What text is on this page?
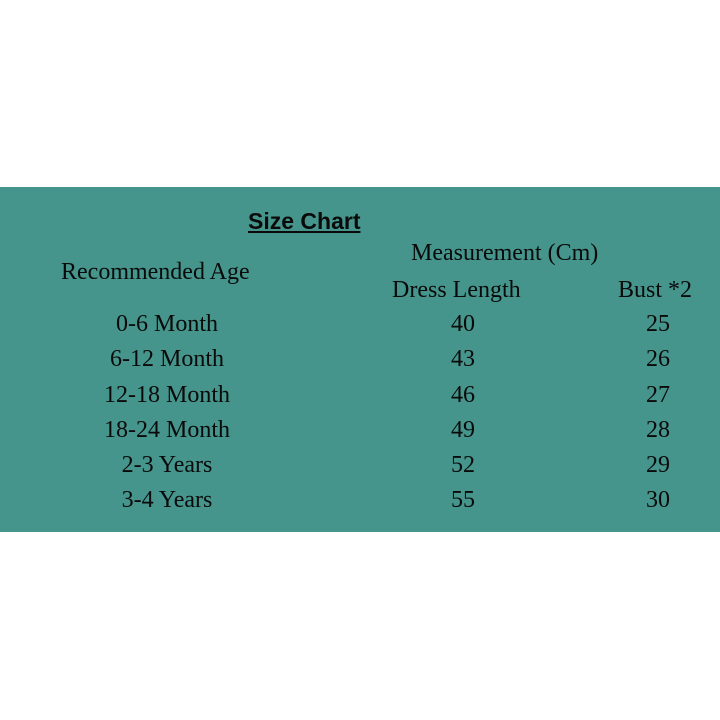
Size Chart
Recommended Age
Measurement (Cm)
Dress Length	Bust *2
0-6 Month	40	25
6-12 Month	43	26
12-18 Month	46	27
18-24 Month	49	28
2-3 Years	52	29
3-4 Years	55	30
